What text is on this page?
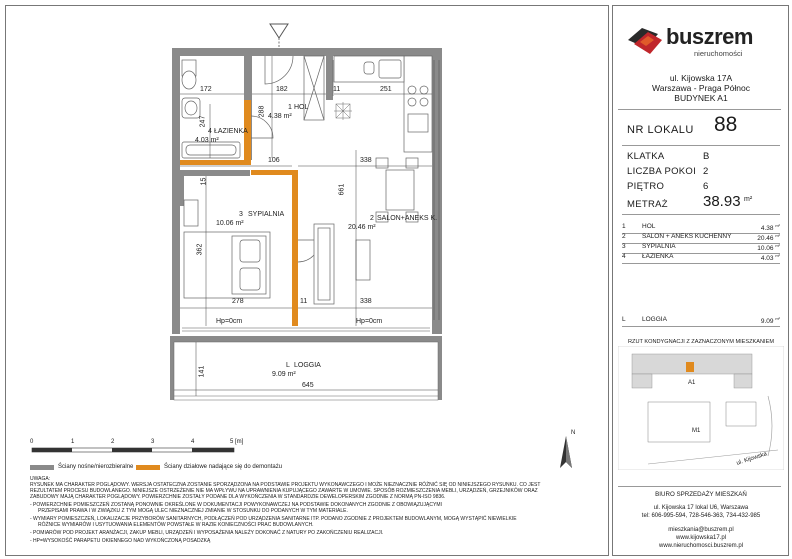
172	182	11	251
247
288
106	338
661
362
278	11	338
141
645
15
1 HOL
4.38 m²
4 ŁAZIENKA
4.03 m²
3 SYPIALNIA
10.06 m²
2 SALON+ANEKS K.
20.46 m²
Hp=0cm	Hp=0cm
L LOGGIA
9.09 m²
0	1	2	3	4	5 [m]
N
Ściany nośne/nierozbieralne	Ściany działowe nadające się do demontażu
UWAGA:
RYSUNEK MA CHARAKTER POGLĄDOWY. WERSJA OSTATECZNA ZOSTANIE SPORZĄDZONA NA PODSTAWIE PROJEKTU WYKONAWCZEGO I MOŻE NIEZNACZNIE RÓŻNIĆ SIĘ OD NINIEJSZEGO RYSUNKU. CO JEST
REZULTATEM PROCESU BUDOWLANEGO. NINIEJSZE OSTRZEŻENIE NIE MA WPŁYWU NA UPRAWNIENIA KUPUJĄCEGO ZAWARTE W UMOWIE. SPOSÓB ROZMIESZCZENIA MEBLI, URZĄDZEŃ, GRZEJNIKÓW ORAZ
ZABUDOWY MAJĄ CHARAKTER POGLĄDOWY. POWIERZCHNIE ZOSTAŁY PODANE DLA WYKOŃCZENIA W STANDARDZIE DEWELOPERSKIM ZGODNIE Z NORMĄ PN-ISO 9836.
- POWIERZCHNIE POMIESZCZEŃ ZOSTANĄ PONOWNIE OKREŚLONE W DOKUMENTACJI POWYKONAWCZEJ NA PODSTAWIE DOKONANYCH ZGODNIE Z OBOWIĄZUJĄCYMI
PRZEPISAMI PRAWA I W ZWIĄZKU Z TYM MOGĄ ULEC NIEZNACZNEJ ZMIANIE W STOSUNKU DO PODANYCH W TYM MATERIALE.
- WYMIARY POMIESZCZEŃ, LOKALIZACJE PRZYBORÓW SANITARNYCH, PODŁĄCZEŃ POD URZĄDZENIA SANITARNE ITP. PODANO ZGODNIE Z PROJEKTEM BUDOWLANYM, MOGĄ WYSTĄPIĆ NIEWIELKIE
RÓŻNICE WYMIARÓW I USYTUOWANIA ELEMENTÓW POWSTAŁE W RAZIE KONIECZNOŚCI PRAC BUDOWLANYCH.
- POMIARÓW POD PROJEKT ARANŻACJI, ZAKUP MEBLI, URZĄDZEŃ I WYPOSAŻENIA NALEŻY DOKONAĆ Z NATURY PO ZAKOŃCZENIU REALIZACJI.
- HP=WYSOKOŚĆ PARAPETU OKIENNEGO NAD WYKOŃCZONĄ POSADZKĄ
buszrem
nieruchomości
ul. Kijowska 17A
Warszawa - Praga Północ
BUDYNEK A1
NR LOKALU 88
KLATKA	B
LICZBA POKOI 2
PIĘTRO	6
METRAŻ 38.93 m²
1	HOL	4.38 $^{m^2}$
2	SALON + ANEKS KUCHENNY	20.46 $^{m^2}$
3	SYPIALNIA	10.06 $^{m^2}$
4	ŁAZIENKA	4.03 $^{m^2}$
L	LOGGIA	9.09 $^{m^2}$
RZUT KONDYGNACJI Z ZAZNACZONYM MIESZKANIEM
A1
M1
ul. Kijowska
BIURO SPRZEDAŻY MIESZKAŃ
ul. Kijowska 17 lokal U6, Warszawa
tel: 606-995-594, 728-546-363, 734-432-985
mieszkania@buszrem.pl
www.kijowska17.pl
www.nieruchomosci.buszrem.pl
